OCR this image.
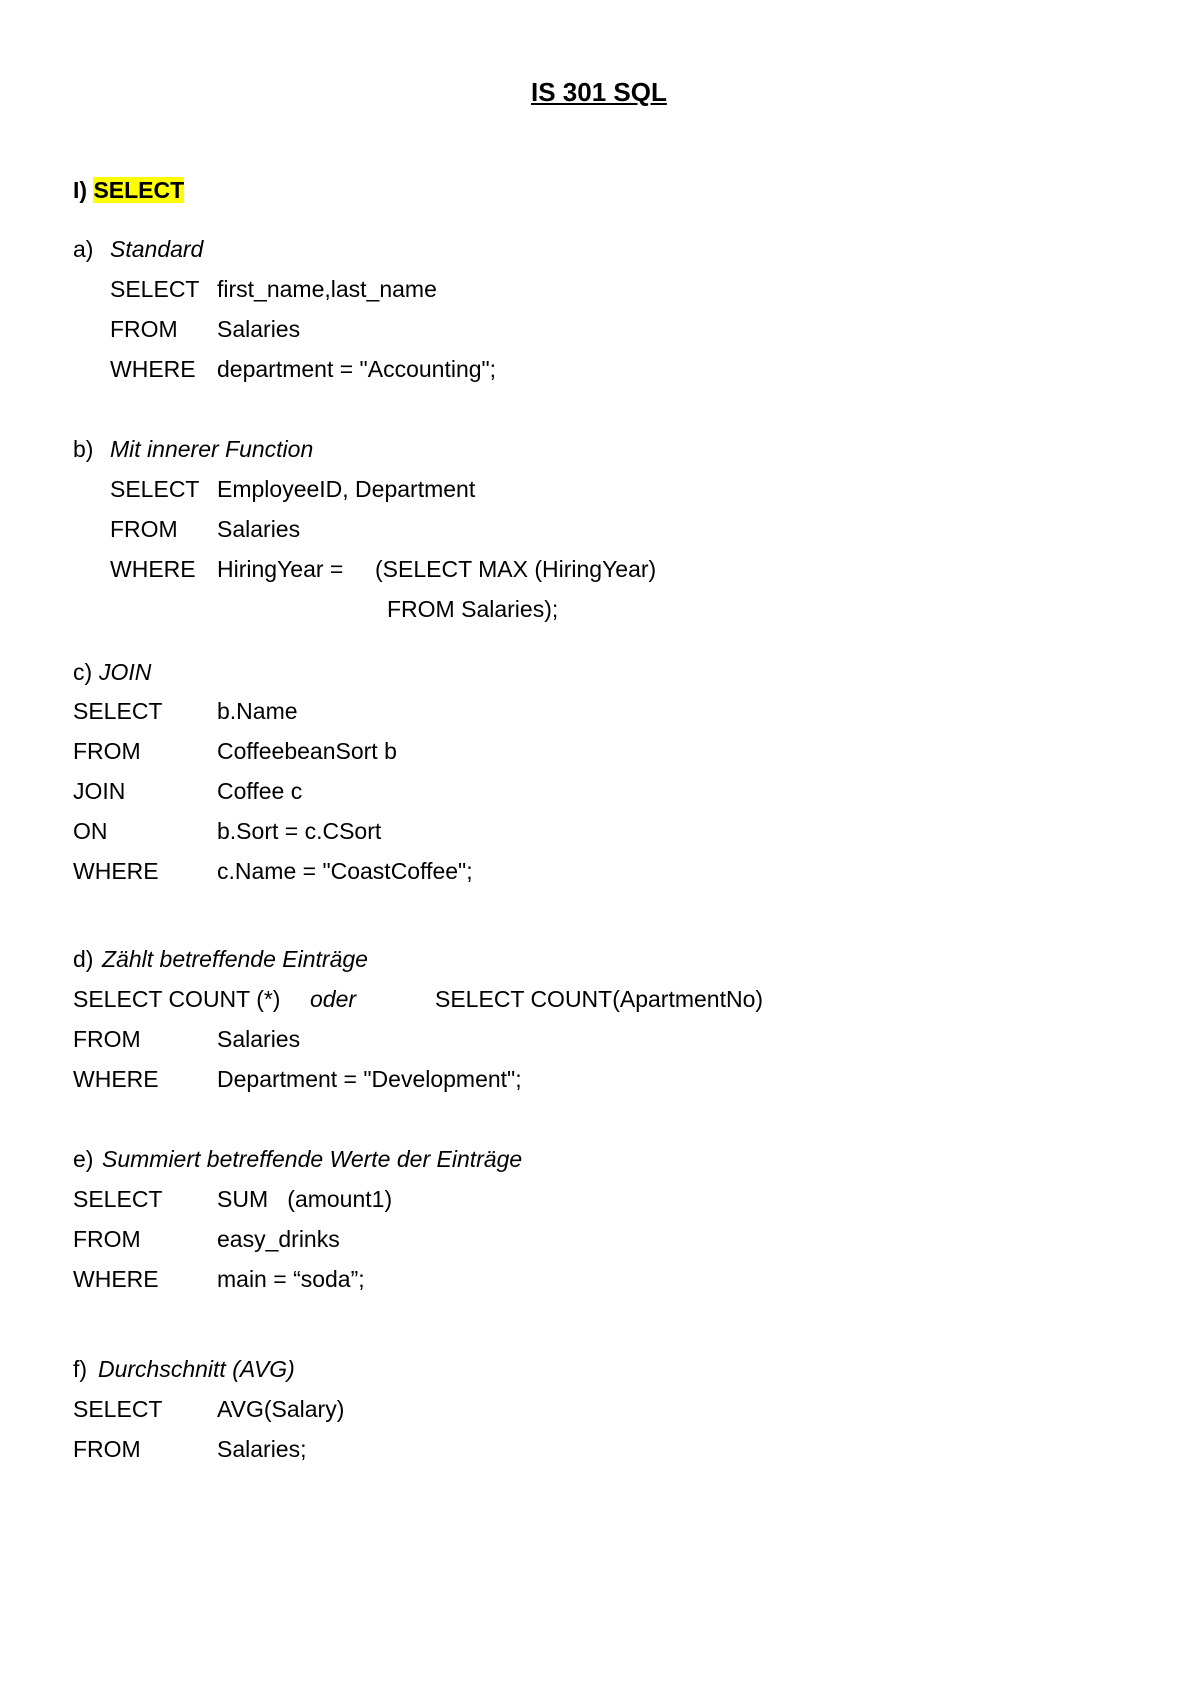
IS 301 SQL
I) SELECT
a) Standard
SELECT first_name,last_name
FROM Salaries
WHERE department = "Accounting";
b) Mit innerer Function
SELECT EmployeeID, Department
FROM Salaries
WHERE HiringYear = (SELECT MAX (HiringYear)
FROM Salaries);
c) JOIN
SELECT b.Name
FROM	CoffeebeanSort b
JOIN	Coffee c
ON	b.Sort = c.CSort
WHERE	c.Name = "CoastCoffee";
d) Zählt betreffende Einträge
SELECT COUNT (*) oder	SELECT COUNT(ApartmentNo)
FROM	Salaries
WHERE	Department = "Development";
e) Summiert betreffende Werte der Einträge
SELECT SUM   (amount1)
FROM	easy_drinks
WHERE	main = “soda”;
f) Durchschnitt (AVG)
SELECT AVG(Salary)
FROM	Salaries;
